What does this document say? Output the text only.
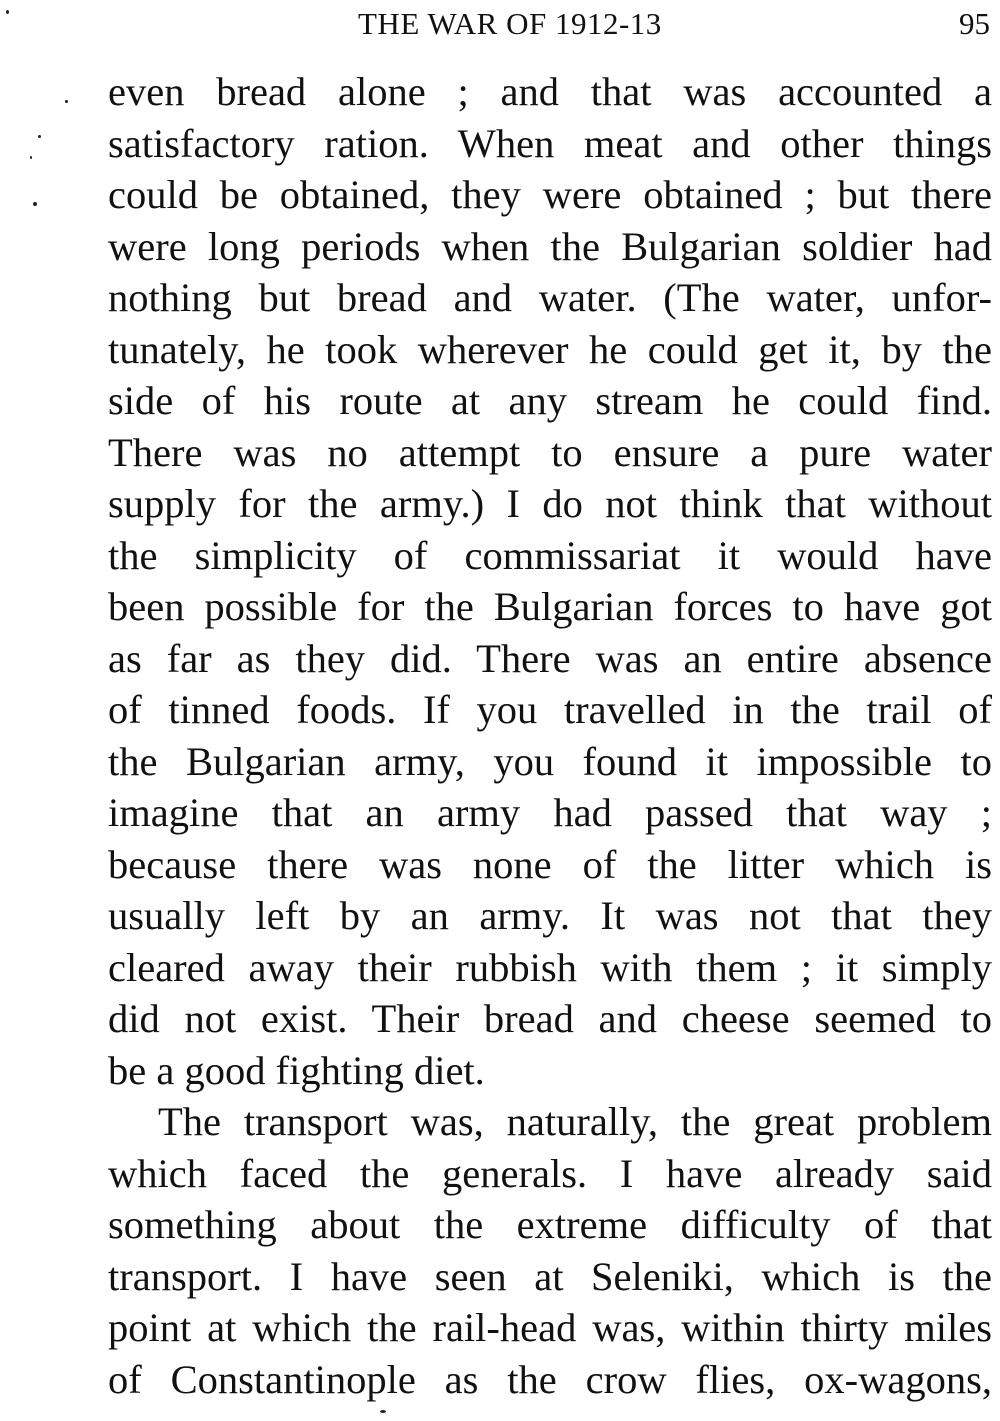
THE WAR OF 1912-13	95
even bread alone ; and that was accounted a
satisfactory ration. When meat and other things
could be obtained, they were obtained ; but there
were long periods when the Bulgarian soldier had
nothing but bread and water. (The water, unfor-
tunately, he took wherever he could get it, by the
side of his route at any stream he could find.
There was no attempt to ensure a pure water
supply for the army.) I do not think that without
the simplicity of commissariat it would have
been possible for the Bulgarian forces to have got
as far as they did. There was an entire absence
of tinned foods. If you travelled in the trail of
the Bulgarian army, you found it impossible to
imagine that an army had passed that way ;
because there was none of the litter which is
usually left by an army. It was not that they
cleared away their rubbish with them ; it simply
did not exist. Their bread and cheese seemed to
be a good fighting diet.
The transport was, naturally, the great problem
which faced the generals. I have already said
something about the extreme difficulty of that
transport. I have seen at Seleniki, which is the
point at which the rail-head was, within thirty miles
of Constantinople as the crow flies, ox-wagons,
